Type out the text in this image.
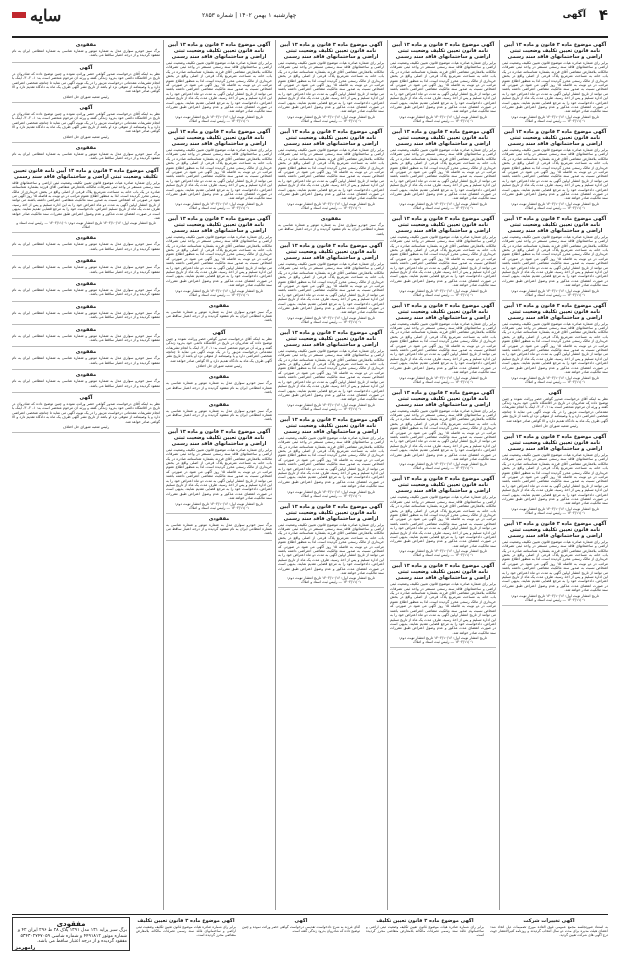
سایه	چهارشنبه ۱ بهمن ۱۴۰۲ | شماره ۲۸۵۳	آگهی ۴
آگهی موضوع ماده ۳ قانون و ماده ۱۳ آیین نامه قانون تعیین تکلیف وضعیت ثبتی اراضی و ساختمانهای فاقد سند رسمی
برابر رای شماره صادره هیات موضوع قانون تعیین تکلیف وضعیت ثبتی اراضی و ساختمانهای فاقد سند رسمی مستقر در واحد ثبتی تصرفات مالکانه بلامعارض متقاضی آقای فرزند بشماره شناسنامه صادره در یک باب خانه به مساحت مترمربع پلاک فرعی از اصلی واقع در بخش خریداری از مالک رسمی محرز گردیده است. لذا به منظور اطلاع عموم مراتب در دو نوبت به فاصله ۱۵ روز آگهی می شود در صورتی که اشخاص نسبت به صدور سند مالکیت متقاضی اعتراضی داشته باشند می توانند از تاریخ انتشار اولین آگهی به مدت دو ماه اعتراض خود را به این اداره تسلیم و پس از اخذ رسید، ظرف مدت یک ماه از تاریخ تسلیم اعتراض، دادخواست خود را به مرجع قضایی تقدیم نمایند. بدیهی است در صورت انقضای مدت مذکور و عدم وصول اعتراض طبق مقررات سند مالکیت صادر خواهد شد.
تاریخ انتشار نوبت اول: ۱۴۰۲/۱۰/۱۶ تاریخ انتشار نوبت دوم: ۱۴۰۲/۱۱/۰۱ — رئیس ثبت اسناد و املاک
آگهی موضوع ماده ۳ قانون و ماده ۱۳ آیین نامه قانون تعیین تکلیف وضعیت ثبتی اراضی و ساختمانهای فاقد سند رسمی
برابر رای شماره صادره هیات موضوع قانون تعیین تکلیف وضعیت ثبتی اراضی و ساختمانهای فاقد سند رسمی مستقر در واحد ثبتی تصرفات مالکانه بلامعارض متقاضی آقای فرزند بشماره شناسنامه صادره در یک باب خانه به مساحت مترمربع پلاک فرعی از اصلی واقع در بخش خریداری از مالک رسمی محرز گردیده است. لذا به منظور اطلاع عموم مراتب در دو نوبت به فاصله ۱۵ روز آگهی می شود در صورتی که اشخاص نسبت به صدور سند مالکیت متقاضی اعتراضی داشته باشند می توانند از تاریخ انتشار اولین آگهی به مدت دو ماه اعتراض خود را به این اداره تسلیم و پس از اخذ رسید، ظرف مدت یک ماه از تاریخ تسلیم اعتراض، دادخواست خود را به مرجع قضایی تقدیم نمایند. بدیهی است در صورت انقضای مدت مذکور و عدم وصول اعتراض طبق مقررات سند مالکیت صادر خواهد شد.
تاریخ انتشار نوبت اول: ۱۴۰۲/۱۰/۱۶ تاریخ انتشار نوبت دوم: ۱۴۰۲/۱۱/۰۱ — رئیس ثبت اسناد و املاک
آگهی موضوع ماده ۳ قانون و ماده ۱۳ آیین نامه قانون تعیین تکلیف وضعیت ثبتی اراضی و ساختمانهای فاقد سند رسمی
برابر رای شماره صادره هیات موضوع قانون تعیین تکلیف وضعیت ثبتی اراضی و ساختمانهای فاقد سند رسمی مستقر در واحد ثبتی تصرفات مالکانه بلامعارض متقاضی آقای فرزند بشماره شناسنامه صادره در یک باب خانه به مساحت مترمربع پلاک فرعی از اصلی واقع در بخش خریداری از مالک رسمی محرز گردیده است. لذا به منظور اطلاع عموم مراتب در دو نوبت به فاصله ۱۵ روز آگهی می شود در صورتی که اشخاص نسبت به صدور سند مالکیت متقاضی اعتراضی داشته باشند می توانند از تاریخ انتشار اولین آگهی به مدت دو ماه اعتراض خود را به این اداره تسلیم و پس از اخذ رسید، ظرف مدت یک ماه از تاریخ تسلیم اعتراض، دادخواست خود را به مرجع قضایی تقدیم نمایند. بدیهی است در صورت انقضای مدت مذکور و عدم وصول اعتراض طبق مقررات سند مالکیت صادر خواهد شد.
تاریخ انتشار نوبت اول: ۱۴۰۲/۱۰/۱۶ تاریخ انتشار نوبت دوم: ۱۴۰۲/۱۱/۰۱ — رئیس ثبت اسناد و املاک
آگهی موضوع ماده ۳ قانون و ماده ۱۳ آیین نامه قانون تعیین تکلیف وضعیت ثبتی اراضی و ساختمانهای فاقد سند رسمی
برابر رای شماره صادره هیات موضوع قانون تعیین تکلیف وضعیت ثبتی اراضی و ساختمانهای فاقد سند رسمی مستقر در واحد ثبتی تصرفات مالکانه بلامعارض متقاضی آقای فرزند بشماره شناسنامه صادره در یک باب خانه به مساحت مترمربع پلاک فرعی از اصلی واقع در بخش خریداری از مالک رسمی محرز گردیده است. لذا به منظور اطلاع عموم مراتب در دو نوبت به فاصله ۱۵ روز آگهی می شود در صورتی که اشخاص نسبت به صدور سند مالکیت متقاضی اعتراضی داشته باشند می توانند از تاریخ انتشار اولین آگهی به مدت دو ماه اعتراض خود را به این اداره تسلیم و پس از اخذ رسید، ظرف مدت یک ماه از تاریخ تسلیم اعتراض، دادخواست خود را به مرجع قضایی تقدیم نمایند. بدیهی است در صورت انقضای مدت مذکور و عدم وصول اعتراض طبق مقررات سند مالکیت صادر خواهد شد.
تاریخ انتشار نوبت اول: ۱۴۰۲/۱۰/۱۶ تاریخ انتشار نوبت دوم: ۱۴۰۲/۱۱/۰۱ — رئیس ثبت اسناد و املاک
آگهی
نظر به اینکه آقای درخواست صدور گواهی حصر وراثت نموده و چنین توضیح داده که شادروان در تاریخ در اقامتگاه دائمی خود بدرود زندگی گفته و ورثه آن مرحوم منحصر است به: ۱- ۲- ۳- اینک با انجام تشریفات مقدماتی درخواست مزبور را در یک نوبت آگهی می نماید تا چنانچه شخصی اعتراضی دارد و یا وصیتنامه از متوفی نزد او باشد از تاریخ نشر آگهی ظرف یک ماه به دادگاه تقدیم دارد و الا گواهی صادر خواهد شد.
رئیس شعبه شورای حل اختلاف
آگهی موضوع ماده ۳ قانون و ماده ۱۳ آیین نامه قانون تعیین تکلیف وضعیت ثبتی اراضی و ساختمانهای فاقد سند رسمی
برابر رای شماره صادره هیات موضوع قانون تعیین تکلیف وضعیت ثبتی اراضی و ساختمانهای فاقد سند رسمی مستقر در واحد ثبتی تصرفات مالکانه بلامعارض متقاضی آقای فرزند بشماره شناسنامه صادره در یک باب خانه به مساحت مترمربع پلاک فرعی از اصلی واقع در بخش خریداری از مالک رسمی محرز گردیده است. لذا به منظور اطلاع عموم مراتب در دو نوبت به فاصله ۱۵ روز آگهی می شود در صورتی که اشخاص نسبت به صدور سند مالکیت متقاضی اعتراضی داشته باشند می توانند از تاریخ انتشار اولین آگهی به مدت دو ماه اعتراض خود را به این اداره تسلیم و پس از اخذ رسید، ظرف مدت یک ماه از تاریخ تسلیم اعتراض، دادخواست خود را به مرجع قضایی تقدیم نمایند. بدیهی است در صورت انقضای مدت مذکور و عدم وصول اعتراض طبق مقررات سند مالکیت صادر خواهد شد.
تاریخ انتشار نوبت اول: ۱۴۰۲/۱۰/۱۶ تاریخ انتشار نوبت دوم: ۱۴۰۲/۱۱/۰۱ — رئیس ثبت اسناد و املاک
آگهی موضوع ماده ۳ قانون و ماده ۱۳ آیین نامه قانون تعیین تکلیف وضعیت ثبتی اراضی و ساختمانهای فاقد سند رسمی
برابر رای شماره صادره هیات موضوع قانون تعیین تکلیف وضعیت ثبتی اراضی و ساختمانهای فاقد سند رسمی مستقر در واحد ثبتی تصرفات مالکانه بلامعارض متقاضی آقای فرزند بشماره شناسنامه صادره در یک باب خانه به مساحت مترمربع پلاک فرعی از اصلی واقع در بخش خریداری از مالک رسمی محرز گردیده است. لذا به منظور اطلاع عموم مراتب در دو نوبت به فاصله ۱۵ روز آگهی می شود در صورتی که اشخاص نسبت به صدور سند مالکیت متقاضی اعتراضی داشته باشند می توانند از تاریخ انتشار اولین آگهی به مدت دو ماه اعتراض خود را به این اداره تسلیم و پس از اخذ رسید، ظرف مدت یک ماه از تاریخ تسلیم اعتراض، دادخواست خود را به مرجع قضایی تقدیم نمایند. بدیهی است در صورت انقضای مدت مذکور و عدم وصول اعتراض طبق مقررات سند مالکیت صادر خواهد شد.
تاریخ انتشار نوبت اول: ۱۴۰۲/۱۰/۱۶ تاریخ انتشار نوبت دوم: ۱۴۰۲/۱۱/۰۱ — رئیس ثبت اسناد و املاک
آگهی موضوع ماده ۳ قانون و ماده ۱۳ آیین نامه قانون تعیین تکلیف وضعیت ثبتی اراضی و ساختمانهای فاقد سند رسمی
برابر رای شماره صادره هیات موضوع قانون تعیین تکلیف وضعیت ثبتی اراضی و ساختمانهای فاقد سند رسمی مستقر در واحد ثبتی تصرفات مالکانه بلامعارض متقاضی آقای فرزند بشماره شناسنامه صادره در یک باب خانه به مساحت مترمربع پلاک فرعی از اصلی واقع در بخش خریداری از مالک رسمی محرز گردیده است. لذا به منظور اطلاع عموم مراتب در دو نوبت به فاصله ۱۵ روز آگهی می شود در صورتی که اشخاص نسبت به صدور سند مالکیت متقاضی اعتراضی داشته باشند می توانند از تاریخ انتشار اولین آگهی به مدت دو ماه اعتراض خود را به این اداره تسلیم و پس از اخذ رسید، ظرف مدت یک ماه از تاریخ تسلیم اعتراض، دادخواست خود را به مرجع قضایی تقدیم نمایند. بدیهی است در صورت انقضای مدت مذکور و عدم وصول اعتراض طبق مقررات سند مالکیت صادر خواهد شد.
تاریخ انتشار نوبت اول: ۱۴۰۲/۱۰/۱۶ تاریخ انتشار نوبت دوم: ۱۴۰۲/۱۱/۰۱ — رئیس ثبت اسناد و املاک
آگهی موضوع ماده ۳ قانون و ماده ۱۳ آیین نامه قانون تعیین تکلیف وضعیت ثبتی اراضی و ساختمانهای فاقد سند رسمی
برابر رای شماره صادره هیات موضوع قانون تعیین تکلیف وضعیت ثبتی اراضی و ساختمانهای فاقد سند رسمی مستقر در واحد ثبتی تصرفات مالکانه بلامعارض متقاضی آقای فرزند بشماره شناسنامه صادره در یک باب خانه به مساحت مترمربع پلاک فرعی از اصلی واقع در بخش خریداری از مالک رسمی محرز گردیده است. لذا به منظور اطلاع عموم مراتب در دو نوبت به فاصله ۱۵ روز آگهی می شود در صورتی که اشخاص نسبت به صدور سند مالکیت متقاضی اعتراضی داشته باشند می توانند از تاریخ انتشار اولین آگهی به مدت دو ماه اعتراض خود را به این اداره تسلیم و پس از اخذ رسید، ظرف مدت یک ماه از تاریخ تسلیم اعتراض، دادخواست خود را به مرجع قضایی تقدیم نمایند. بدیهی است در صورت انقضای مدت مذکور و عدم وصول اعتراض طبق مقررات سند مالکیت صادر خواهد شد.
تاریخ انتشار نوبت اول: ۱۴۰۲/۱۰/۱۶ تاریخ انتشار نوبت دوم: ۱۴۰۲/۱۱/۰۱ — رئیس ثبت اسناد و املاک
آگهی موضوع ماده ۳ قانون و ماده ۱۳ آیین نامه قانون تعیین تکلیف وضعیت ثبتی اراضی و ساختمانهای فاقد سند رسمی
برابر رای شماره صادره هیات موضوع قانون تعیین تکلیف وضعیت ثبتی اراضی و ساختمانهای فاقد سند رسمی مستقر در واحد ثبتی تصرفات مالکانه بلامعارض متقاضی آقای فرزند بشماره شناسنامه صادره در یک باب خانه به مساحت مترمربع پلاک فرعی از اصلی واقع در بخش خریداری از مالک رسمی محرز گردیده است. لذا به منظور اطلاع عموم مراتب در دو نوبت به فاصله ۱۵ روز آگهی می شود در صورتی که اشخاص نسبت به صدور سند مالکیت متقاضی اعتراضی داشته باشند می توانند از تاریخ انتشار اولین آگهی به مدت دو ماه اعتراض خود را به این اداره تسلیم و پس از اخذ رسید، ظرف مدت یک ماه از تاریخ تسلیم اعتراض، دادخواست خود را به مرجع قضایی تقدیم نمایند. بدیهی است در صورت انقضای مدت مذکور و عدم وصول اعتراض طبق مقررات سند مالکیت صادر خواهد شد.
تاریخ انتشار نوبت اول: ۱۴۰۲/۱۰/۱۶ تاریخ انتشار نوبت دوم: ۱۴۰۲/۱۱/۰۱ — رئیس ثبت اسناد و املاک
آگهی موضوع ماده ۳ قانون و ماده ۱۳ آیین نامه قانون تعیین تکلیف وضعیت ثبتی اراضی و ساختمانهای فاقد سند رسمی
برابر رای شماره صادره هیات موضوع قانون تعیین تکلیف وضعیت ثبتی اراضی و ساختمانهای فاقد سند رسمی مستقر در واحد ثبتی تصرفات مالکانه بلامعارض متقاضی آقای فرزند بشماره شناسنامه صادره در یک باب خانه به مساحت مترمربع پلاک فرعی از اصلی واقع در بخش خریداری از مالک رسمی محرز گردیده است. لذا به منظور اطلاع عموم مراتب در دو نوبت به فاصله ۱۵ روز آگهی می شود در صورتی که اشخاص نسبت به صدور سند مالکیت متقاضی اعتراضی داشته باشند می توانند از تاریخ انتشار اولین آگهی به مدت دو ماه اعتراض خود را به این اداره تسلیم و پس از اخذ رسید، ظرف مدت یک ماه از تاریخ تسلیم اعتراض، دادخواست خود را به مرجع قضایی تقدیم نمایند. بدیهی است در صورت انقضای مدت مذکور و عدم وصول اعتراض طبق مقررات سند مالکیت صادر خواهد شد.
تاریخ انتشار نوبت اول: ۱۴۰۲/۱۰/۱۶ تاریخ انتشار نوبت دوم: ۱۴۰۲/۱۱/۰۱ — رئیس ثبت اسناد و املاک
آگهی موضوع ماده ۳ قانون و ماده ۱۳ آیین نامه قانون تعیین تکلیف وضعیت ثبتی اراضی و ساختمانهای فاقد سند رسمی
برابر رای شماره صادره هیات موضوع قانون تعیین تکلیف وضعیت ثبتی اراضی و ساختمانهای فاقد سند رسمی مستقر در واحد ثبتی تصرفات مالکانه بلامعارض متقاضی آقای فرزند بشماره شناسنامه صادره در یک باب خانه به مساحت مترمربع پلاک فرعی از اصلی واقع در بخش خریداری از مالک رسمی محرز گردیده است. لذا به منظور اطلاع عموم مراتب در دو نوبت به فاصله ۱۵ روز آگهی می شود در صورتی که اشخاص نسبت به صدور سند مالکیت متقاضی اعتراضی داشته باشند می توانند از تاریخ انتشار اولین آگهی به مدت دو ماه اعتراض خود را به این اداره تسلیم و پس از اخذ رسید، ظرف مدت یک ماه از تاریخ تسلیم اعتراض، دادخواست خود را به مرجع قضایی تقدیم نمایند. بدیهی است در صورت انقضای مدت مذکور و عدم وصول اعتراض طبق مقررات سند مالکیت صادر خواهد شد.
تاریخ انتشار نوبت اول: ۱۴۰۲/۱۰/۱۶ تاریخ انتشار نوبت دوم: ۱۴۰۲/۱۱/۰۱ — رئیس ثبت اسناد و املاک
آگهی موضوع ماده ۳ قانون و ماده ۱۳ آیین نامه قانون تعیین تکلیف وضعیت ثبتی اراضی و ساختمانهای فاقد سند رسمی
برابر رای شماره صادره هیات موضوع قانون تعیین تکلیف وضعیت ثبتی اراضی و ساختمانهای فاقد سند رسمی مستقر در واحد ثبتی تصرفات مالکانه بلامعارض متقاضی آقای فرزند بشماره شناسنامه صادره در یک باب خانه به مساحت مترمربع پلاک فرعی از اصلی واقع در بخش خریداری از مالک رسمی محرز گردیده است. لذا به منظور اطلاع عموم مراتب در دو نوبت به فاصله ۱۵ روز آگهی می شود در صورتی که اشخاص نسبت به صدور سند مالکیت متقاضی اعتراضی داشته باشند می توانند از تاریخ انتشار اولین آگهی به مدت دو ماه اعتراض خود را به این اداره تسلیم و پس از اخذ رسید، ظرف مدت یک ماه از تاریخ تسلیم اعتراض، دادخواست خود را به مرجع قضایی تقدیم نمایند. بدیهی است در صورت انقضای مدت مذکور و عدم وصول اعتراض طبق مقررات سند مالکیت صادر خواهد شد.
تاریخ انتشار نوبت اول: ۱۴۰۲/۱۰/۱۶ تاریخ انتشار نوبت دوم: ۱۴۰۲/۱۱/۰۱ — رئیس ثبت اسناد و املاک
آگهی موضوع ماده ۳ قانون و ماده ۱۳ آیین نامه قانون تعیین تکلیف وضعیت ثبتی اراضی و ساختمانهای فاقد سند رسمی
برابر رای شماره صادره هیات موضوع قانون تعیین تکلیف وضعیت ثبتی اراضی و ساختمانهای فاقد سند رسمی مستقر در واحد ثبتی تصرفات مالکانه بلامعارض متقاضی آقای فرزند بشماره شناسنامه صادره در یک باب خانه به مساحت مترمربع پلاک فرعی از اصلی واقع در بخش خریداری از مالک رسمی محرز گردیده است. لذا به منظور اطلاع عموم مراتب در دو نوبت به فاصله ۱۵ روز آگهی می شود در صورتی که اشخاص نسبت به صدور سند مالکیت متقاضی اعتراضی داشته باشند می توانند از تاریخ انتشار اولین آگهی به مدت دو ماه اعتراض خود را به این اداره تسلیم و پس از اخذ رسید، ظرف مدت یک ماه از تاریخ تسلیم اعتراض، دادخواست خود را به مرجع قضایی تقدیم نمایند. بدیهی است در صورت انقضای مدت مذکور و عدم وصول اعتراض طبق مقررات سند مالکیت صادر خواهد شد.
تاریخ انتشار نوبت اول: ۱۴۰۲/۱۰/۱۶ تاریخ انتشار نوبت دوم: ۱۴۰۲/۱۱/۰۱ — رئیس ثبت اسناد و املاک
آگهی موضوع ماده ۳ قانون و ماده ۱۳ آیین نامه قانون تعیین تکلیف وضعیت ثبتی اراضی و ساختمانهای فاقد سند رسمی
برابر رای شماره صادره هیات موضوع قانون تعیین تکلیف وضعیت ثبتی اراضی و ساختمانهای فاقد سند رسمی مستقر در واحد ثبتی تصرفات مالکانه بلامعارض متقاضی آقای فرزند بشماره شناسنامه صادره در یک باب خانه به مساحت مترمربع پلاک فرعی از اصلی واقع در بخش خریداری از مالک رسمی محرز گردیده است. لذا به منظور اطلاع عموم مراتب در دو نوبت به فاصله ۱۵ روز آگهی می شود در صورتی که اشخاص نسبت به صدور سند مالکیت متقاضی اعتراضی داشته باشند می توانند از تاریخ انتشار اولین آگهی به مدت دو ماه اعتراض خود را به این اداره تسلیم و پس از اخذ رسید، ظرف مدت یک ماه از تاریخ تسلیم اعتراض، دادخواست خود را به مرجع قضایی تقدیم نمایند. بدیهی است در صورت انقضای مدت مذکور و عدم وصول اعتراض طبق مقررات سند مالکیت صادر خواهد شد.
تاریخ انتشار نوبت اول: ۱۴۰۲/۱۰/۱۶ تاریخ انتشار نوبت دوم: ۱۴۰۲/۱۱/۰۱ — رئیس ثبت اسناد و املاک
آگهی موضوع ماده ۳ قانون و ماده ۱۳ آیین نامه قانون تعیین تکلیف وضعیت ثبتی اراضی و ساختمانهای فاقد سند رسمی
برابر رای شماره صادره هیات موضوع قانون تعیین تکلیف وضعیت ثبتی اراضی و ساختمانهای فاقد سند رسمی مستقر در واحد ثبتی تصرفات مالکانه بلامعارض متقاضی آقای فرزند بشماره شناسنامه صادره در یک باب خانه به مساحت مترمربع پلاک فرعی از اصلی واقع در بخش خریداری از مالک رسمی محرز گردیده است. لذا به منظور اطلاع عموم مراتب در دو نوبت به فاصله ۱۵ روز آگهی می شود در صورتی که اشخاص نسبت به صدور سند مالکیت متقاضی اعتراضی داشته باشند می توانند از تاریخ انتشار اولین آگهی به مدت دو ماه اعتراض خود را به این اداره تسلیم و پس از اخذ رسید، ظرف مدت یک ماه از تاریخ تسلیم اعتراض، دادخواست خود را به مرجع قضایی تقدیم نمایند. بدیهی است در صورت انقضای مدت مذکور و عدم وصول اعتراض طبق مقررات سند مالکیت صادر خواهد شد.
تاریخ انتشار نوبت اول: ۱۴۰۲/۱۰/۱۶ تاریخ انتشار نوبت دوم: ۱۴۰۲/۱۱/۰۱ — رئیس ثبت اسناد و املاک
مفقودی
برگ سبز خودرو سواری مدل به شماره موتور و شماره شاسی به شماره انتظامی ایران به نام مفقود گردیده و از درجه اعتبار ساقط می باشد.
آگهی موضوع ماده ۳ قانون و ماده ۱۳ آیین نامه قانون تعیین تکلیف وضعیت ثبتی اراضی و ساختمانهای فاقد سند رسمی
برابر رای شماره صادره هیات موضوع قانون تعیین تکلیف وضعیت ثبتی اراضی و ساختمانهای فاقد سند رسمی مستقر در واحد ثبتی تصرفات مالکانه بلامعارض متقاضی آقای فرزند بشماره شناسنامه صادره در یک باب خانه به مساحت مترمربع پلاک فرعی از اصلی واقع در بخش خریداری از مالک رسمی محرز گردیده است. لذا به منظور اطلاع عموم مراتب در دو نوبت به فاصله ۱۵ روز آگهی می شود در صورتی که اشخاص نسبت به صدور سند مالکیت متقاضی اعتراضی داشته باشند می توانند از تاریخ انتشار اولین آگهی به مدت دو ماه اعتراض خود را به این اداره تسلیم و پس از اخذ رسید، ظرف مدت یک ماه از تاریخ تسلیم اعتراض، دادخواست خود را به مرجع قضایی تقدیم نمایند. بدیهی است در صورت انقضای مدت مذکور و عدم وصول اعتراض طبق مقررات سند مالکیت صادر خواهد شد.
تاریخ انتشار نوبت اول: ۱۴۰۲/۱۰/۱۶ تاریخ انتشار نوبت دوم: ۱۴۰۲/۱۱/۰۱ — رئیس ثبت اسناد و املاک
آگهی موضوع ماده ۳ قانون و ماده ۱۳ آیین نامه قانون تعیین تکلیف وضعیت ثبتی اراضی و ساختمانهای فاقد سند رسمی
برابر رای شماره صادره هیات موضوع قانون تعیین تکلیف وضعیت ثبتی اراضی و ساختمانهای فاقد سند رسمی مستقر در واحد ثبتی تصرفات مالکانه بلامعارض متقاضی آقای فرزند بشماره شناسنامه صادره در یک باب خانه به مساحت مترمربع پلاک فرعی از اصلی واقع در بخش خریداری از مالک رسمی محرز گردیده است. لذا به منظور اطلاع عموم مراتب در دو نوبت به فاصله ۱۵ روز آگهی می شود در صورتی که اشخاص نسبت به صدور سند مالکیت متقاضی اعتراضی داشته باشند می توانند از تاریخ انتشار اولین آگهی به مدت دو ماه اعتراض خود را به این اداره تسلیم و پس از اخذ رسید، ظرف مدت یک ماه از تاریخ تسلیم اعتراض، دادخواست خود را به مرجع قضایی تقدیم نمایند. بدیهی است در صورت انقضای مدت مذکور و عدم وصول اعتراض طبق مقررات سند مالکیت صادر خواهد شد.
تاریخ انتشار نوبت اول: ۱۴۰۲/۱۰/۱۶ تاریخ انتشار نوبت دوم: ۱۴۰۲/۱۱/۰۱ — رئیس ثبت اسناد و املاک
آگهی موضوع ماده ۳ قانون و ماده ۱۳ آیین نامه قانون تعیین تکلیف وضعیت ثبتی اراضی و ساختمانهای فاقد سند رسمی
برابر رای شماره صادره هیات موضوع قانون تعیین تکلیف وضعیت ثبتی اراضی و ساختمانهای فاقد سند رسمی مستقر در واحد ثبتی تصرفات مالکانه بلامعارض متقاضی آقای فرزند بشماره شناسنامه صادره در یک باب خانه به مساحت مترمربع پلاک فرعی از اصلی واقع در بخش خریداری از مالک رسمی محرز گردیده است. لذا به منظور اطلاع عموم مراتب در دو نوبت به فاصله ۱۵ روز آگهی می شود در صورتی که اشخاص نسبت به صدور سند مالکیت متقاضی اعتراضی داشته باشند می توانند از تاریخ انتشار اولین آگهی به مدت دو ماه اعتراض خود را به این اداره تسلیم و پس از اخذ رسید، ظرف مدت یک ماه از تاریخ تسلیم اعتراض، دادخواست خود را به مرجع قضایی تقدیم نمایند. بدیهی است در صورت انقضای مدت مذکور و عدم وصول اعتراض طبق مقررات سند مالکیت صادر خواهد شد.
تاریخ انتشار نوبت اول: ۱۴۰۲/۱۰/۱۶ تاریخ انتشار نوبت دوم: ۱۴۰۲/۱۱/۰۱ — رئیس ثبت اسناد و املاک
آگهی موضوع ماده ۳ قانون و ماده ۱۳ آیین نامه قانون تعیین تکلیف وضعیت ثبتی اراضی و ساختمانهای فاقد سند رسمی
برابر رای شماره صادره هیات موضوع قانون تعیین تکلیف وضعیت ثبتی اراضی و ساختمانهای فاقد سند رسمی مستقر در واحد ثبتی تصرفات مالکانه بلامعارض متقاضی آقای فرزند بشماره شناسنامه صادره در یک باب خانه به مساحت مترمربع پلاک فرعی از اصلی واقع در بخش خریداری از مالک رسمی محرز گردیده است. لذا به منظور اطلاع عموم مراتب در دو نوبت به فاصله ۱۵ روز آگهی می شود در صورتی که اشخاص نسبت به صدور سند مالکیت متقاضی اعتراضی داشته باشند می توانند از تاریخ انتشار اولین آگهی به مدت دو ماه اعتراض خود را به این اداره تسلیم و پس از اخذ رسید، ظرف مدت یک ماه از تاریخ تسلیم اعتراض، دادخواست خود را به مرجع قضایی تقدیم نمایند. بدیهی است در صورت انقضای مدت مذکور و عدم وصول اعتراض طبق مقررات سند مالکیت صادر خواهد شد.
تاریخ انتشار نوبت اول: ۱۴۰۲/۱۰/۱۶ تاریخ انتشار نوبت دوم: ۱۴۰۲/۱۱/۰۱ — رئیس ثبت اسناد و املاک
آگهی موضوع ماده ۳ قانون و ماده ۱۳ آیین نامه قانون تعیین تکلیف وضعیت ثبتی اراضی و ساختمانهای فاقد سند رسمی
برابر رای شماره صادره هیات موضوع قانون تعیین تکلیف وضعیت ثبتی اراضی و ساختمانهای فاقد سند رسمی مستقر در واحد ثبتی تصرفات مالکانه بلامعارض متقاضی آقای فرزند بشماره شناسنامه صادره در یک باب خانه به مساحت مترمربع پلاک فرعی از اصلی واقع در بخش خریداری از مالک رسمی محرز گردیده است. لذا به منظور اطلاع عموم مراتب در دو نوبت به فاصله ۱۵ روز آگهی می شود در صورتی که اشخاص نسبت به صدور سند مالکیت متقاضی اعتراضی داشته باشند می توانند از تاریخ انتشار اولین آگهی به مدت دو ماه اعتراض خود را به این اداره تسلیم و پس از اخذ رسید، ظرف مدت یک ماه از تاریخ تسلیم اعتراض، دادخواست خود را به مرجع قضایی تقدیم نمایند. بدیهی است در صورت انقضای مدت مذکور و عدم وصول اعتراض طبق مقررات سند مالکیت صادر خواهد شد.
تاریخ انتشار نوبت اول: ۱۴۰۲/۱۰/۱۶ تاریخ انتشار نوبت دوم: ۱۴۰۲/۱۱/۰۱ — رئیس ثبت اسناد و املاک
آگهی موضوع ماده ۳ قانون و ماده ۱۳ آیین نامه قانون تعیین تکلیف وضعیت ثبتی اراضی و ساختمانهای فاقد سند رسمی
برابر رای شماره صادره هیات موضوع قانون تعیین تکلیف وضعیت ثبتی اراضی و ساختمانهای فاقد سند رسمی مستقر در واحد ثبتی تصرفات مالکانه بلامعارض متقاضی آقای فرزند بشماره شناسنامه صادره در یک باب خانه به مساحت مترمربع پلاک فرعی از اصلی واقع در بخش خریداری از مالک رسمی محرز گردیده است. لذا به منظور اطلاع عموم مراتب در دو نوبت به فاصله ۱۵ روز آگهی می شود در صورتی که اشخاص نسبت به صدور سند مالکیت متقاضی اعتراضی داشته باشند می توانند از تاریخ انتشار اولین آگهی به مدت دو ماه اعتراض خود را به این اداره تسلیم و پس از اخذ رسید، ظرف مدت یک ماه از تاریخ تسلیم اعتراض، دادخواست خود را به مرجع قضایی تقدیم نمایند. بدیهی است در صورت انقضای مدت مذکور و عدم وصول اعتراض طبق مقررات سند مالکیت صادر خواهد شد.
تاریخ انتشار نوبت اول: ۱۴۰۲/۱۰/۱۶ تاریخ انتشار نوبت دوم: ۱۴۰۲/۱۱/۰۱ — رئیس ثبت اسناد و املاک
آگهی موضوع ماده ۳ قانون و ماده ۱۳ آیین نامه قانون تعیین تکلیف وضعیت ثبتی اراضی و ساختمانهای فاقد سند رسمی
برابر رای شماره صادره هیات موضوع قانون تعیین تکلیف وضعیت ثبتی اراضی و ساختمانهای فاقد سند رسمی مستقر در واحد ثبتی تصرفات مالکانه بلامعارض متقاضی آقای فرزند بشماره شناسنامه صادره در یک باب خانه به مساحت مترمربع پلاک فرعی از اصلی واقع در بخش خریداری از مالک رسمی محرز گردیده است. لذا به منظور اطلاع عموم مراتب در دو نوبت به فاصله ۱۵ روز آگهی می شود در صورتی که اشخاص نسبت به صدور سند مالکیت متقاضی اعتراضی داشته باشند می توانند از تاریخ انتشار اولین آگهی به مدت دو ماه اعتراض خود را به این اداره تسلیم و پس از اخذ رسید، ظرف مدت یک ماه از تاریخ تسلیم اعتراض، دادخواست خود را به مرجع قضایی تقدیم نمایند. بدیهی است در صورت انقضای مدت مذکور و عدم وصول اعتراض طبق مقررات سند مالکیت صادر خواهد شد.
تاریخ انتشار نوبت اول: ۱۴۰۲/۱۰/۱۶ تاریخ انتشار نوبت دوم: ۱۴۰۲/۱۱/۰۱ — رئیس ثبت اسناد و املاک
مفقودی
برگ سبز خودرو سواری مدل به شماره موتور و شماره شاسی به شماره انتظامی ایران به نام مفقود گردیده و از درجه اعتبار ساقط می باشد.
آگهی
نظر به اینکه آقای درخواست صدور گواهی حصر وراثت نموده و چنین توضیح داده که شادروان در تاریخ در اقامتگاه دائمی خود بدرود زندگی گفته و ورثه آن مرحوم منحصر است به: ۱- ۲- ۳- اینک با انجام تشریفات مقدماتی درخواست مزبور را در یک نوبت آگهی می نماید تا چنانچه شخصی اعتراضی دارد و یا وصیتنامه از متوفی نزد او باشد از تاریخ نشر آگهی ظرف یک ماه به دادگاه تقدیم دارد و الا گواهی صادر خواهد شد.
رئیس شعبه شورای حل اختلاف
مفقودی
برگ سبز خودرو سواری مدل به شماره موتور و شماره شاسی به شماره انتظامی ایران به نام مفقود گردیده و از درجه اعتبار ساقط می باشد.
مفقودی
برگ سبز خودرو سواری مدل به شماره موتور و شماره شاسی به شماره انتظامی ایران به نام مفقود گردیده و از درجه اعتبار ساقط می باشد.
آگهی موضوع ماده ۳ قانون و ماده ۱۳ آیین نامه قانون تعیین تکلیف وضعیت ثبتی اراضی و ساختمانهای فاقد سند رسمی
برابر رای شماره صادره هیات موضوع قانون تعیین تکلیف وضعیت ثبتی اراضی و ساختمانهای فاقد سند رسمی مستقر در واحد ثبتی تصرفات مالکانه بلامعارض متقاضی آقای فرزند بشماره شناسنامه صادره در یک باب خانه به مساحت مترمربع پلاک فرعی از اصلی واقع در بخش خریداری از مالک رسمی محرز گردیده است. لذا به منظور اطلاع عموم مراتب در دو نوبت به فاصله ۱۵ روز آگهی می شود در صورتی که اشخاص نسبت به صدور سند مالکیت متقاضی اعتراضی داشته باشند می توانند از تاریخ انتشار اولین آگهی به مدت دو ماه اعتراض خود را به این اداره تسلیم و پس از اخذ رسید، ظرف مدت یک ماه از تاریخ تسلیم اعتراض، دادخواست خود را به مرجع قضایی تقدیم نمایند. بدیهی است در صورت انقضای مدت مذکور و عدم وصول اعتراض طبق مقررات سند مالکیت صادر خواهد شد.
تاریخ انتشار نوبت اول: ۱۴۰۲/۱۰/۱۶ تاریخ انتشار نوبت دوم: ۱۴۰۲/۱۱/۰۱ — رئیس ثبت اسناد و املاک
مفقودی
برگ سبز خودرو سواری مدل به شماره موتور و شماره شاسی به شماره انتظامی ایران به نام مفقود گردیده و از درجه اعتبار ساقط می باشد.
مفقودی
برگ سبز خودرو سواری مدل به شماره موتور و شماره شاسی به شماره انتظامی ایران به نام مفقود گردیده و از درجه اعتبار ساقط می باشد.
آگهی
نظر به اینکه آقای درخواست صدور گواهی حصر وراثت نموده و چنین توضیح داده که شادروان در تاریخ در اقامتگاه دائمی خود بدرود زندگی گفته و ورثه آن مرحوم منحصر است به: ۱- ۲- ۳- اینک با انجام تشریفات مقدماتی درخواست مزبور را در یک نوبت آگهی می نماید تا چنانچه شخصی اعتراضی دارد و یا وصیتنامه از متوفی نزد او باشد از تاریخ نشر آگهی ظرف یک ماه به دادگاه تقدیم دارد و الا گواهی صادر خواهد شد.
رئیس شعبه شورای حل اختلاف
آگهی
نظر به اینکه آقای درخواست صدور گواهی حصر وراثت نموده و چنین توضیح داده که شادروان در تاریخ در اقامتگاه دائمی خود بدرود زندگی گفته و ورثه آن مرحوم منحصر است به: ۱- ۲- ۳- اینک با انجام تشریفات مقدماتی درخواست مزبور را در یک نوبت آگهی می نماید تا چنانچه شخصی اعتراضی دارد و یا وصیتنامه از متوفی نزد او باشد از تاریخ نشر آگهی ظرف یک ماه به دادگاه تقدیم دارد و الا گواهی صادر خواهد شد.
رئیس شعبه شورای حل اختلاف
مفقودی
برگ سبز خودرو سواری مدل به شماره موتور و شماره شاسی به شماره انتظامی ایران به نام مفقود گردیده و از درجه اعتبار ساقط می باشد.
آگهی موضوع ماده ۳ قانون و ماده ۱۳ آیین نامه قانون تعیین تکلیف وضعیت ثبتی اراضی و ساختمانهای فاقد سند رسمی
برابر رای شماره صادره هیات موضوع قانون تعیین تکلیف وضعیت ثبتی اراضی و ساختمانهای فاقد سند رسمی مستقر در واحد ثبتی تصرفات مالکانه بلامعارض متقاضی آقای فرزند بشماره شناسنامه صادره در یک باب خانه به مساحت مترمربع پلاک فرعی از اصلی واقع در بخش خریداری از مالک رسمی محرز گردیده است. لذا به منظور اطلاع عموم مراتب در دو نوبت به فاصله ۱۵ روز آگهی می شود در صورتی که اشخاص نسبت به صدور سند مالکیت متقاضی اعتراضی داشته باشند می توانند از تاریخ انتشار اولین آگهی به مدت دو ماه اعتراض خود را به این اداره تسلیم و پس از اخذ رسید، ظرف مدت یک ماه از تاریخ تسلیم اعتراض، دادخواست خود را به مرجع قضایی تقدیم نمایند. بدیهی است در صورت انقضای مدت مذکور و عدم وصول اعتراض طبق مقررات سند مالکیت صادر خواهد شد.
تاریخ انتشار نوبت اول: ۱۴۰۲/۱۰/۱۶ تاریخ انتشار نوبت دوم: ۱۴۰۲/۱۱/۰۱ — رئیس ثبت اسناد و املاک
مفقودی
برگ سبز خودرو سواری مدل به شماره موتور و شماره شاسی به شماره انتظامی ایران به نام مفقود گردیده و از درجه اعتبار ساقط می باشد.
مفقودی
برگ سبز خودرو سواری مدل به شماره موتور و شماره شاسی به شماره انتظامی ایران به نام مفقود گردیده و از درجه اعتبار ساقط می باشد.
مفقودی
برگ سبز خودرو سواری مدل به شماره موتور و شماره شاسی به شماره انتظامی ایران به نام مفقود گردیده و از درجه اعتبار ساقط می باشد.
مفقودی
برگ سبز خودرو سواری مدل به شماره موتور و شماره شاسی به شماره انتظامی ایران به نام مفقود گردیده و از درجه اعتبار ساقط می باشد.
مفقودی
برگ سبز خودرو سواری مدل به شماره موتور و شماره شاسی به شماره انتظامی ایران به نام مفقود گردیده و از درجه اعتبار ساقط می باشد.
مفقودی
برگ سبز خودرو سواری مدل به شماره موتور و شماره شاسی به شماره انتظامی ایران به نام مفقود گردیده و از درجه اعتبار ساقط می باشد.
مفقودی
برگ سبز خودرو سواری مدل به شماره موتور و شماره شاسی به شماره انتظامی ایران به نام مفقود گردیده و از درجه اعتبار ساقط می باشد.
آگهی
نظر به اینکه آقای درخواست صدور گواهی حصر وراثت نموده و چنین توضیح داده که شادروان در تاریخ در اقامتگاه دائمی خود بدرود زندگی گفته و ورثه آن مرحوم منحصر است به: ۱- ۲- ۳- اینک با انجام تشریفات مقدماتی درخواست مزبور را در یک نوبت آگهی می نماید تا چنانچه شخصی اعتراضی دارد و یا وصیتنامه از متوفی نزد او باشد از تاریخ نشر آگهی ظرف یک ماه به دادگاه تقدیم دارد و الا گواهی صادر خواهد شد.
رئیس شعبه شورای حل اختلاف
آگهی تغییرات شرکت
به استناد صورتجلسه مجمع عمومی فوق العاده مورخ تصمیمات ذیل اتخاذ شد: اعضای هیئت مدیره برای مدت دو سال انتخاب گردیدند و روزنامه کثیرالانتشار جهت درج آگهی های شرکت تعیین گردید.
آگهی موضوع ماده ۳ قانون تعیین تکلیف
برابر رای شماره صادره هیات موضوع قانون تعیین تکلیف وضعیت ثبتی اراضی و ساختمانهای فاقد سند رسمی تصرفات مالکانه بلامعارض متقاضی محرز گردیده است.
آگهی
آقای فرزند به شرح دادخواست تقدیمی درخواست گواهی حصر وراثت نموده و چنین توضیح داده که شادروان بدرود زندگی گفته است.
آگهی موضوع ماده ۳ قانون تعیین تکلیف
برابر رای شماره صادره هیات موضوع قانون تعیین تکلیف وضعیت ثبتی اراضی و ساختمانهای فاقد سند رسمی تصرفات مالکانه بلامعارض متقاضی محرز گردیده است.
مفقودی
برگ سبز پراید ۱۳۱ مدل ۱۳۹۱ پلاک ۲۸ ط ۲۹۶ ایران ۴۲ و شماره موتور ۴۴۹۱۸۱۲ و شماره شاسی ۵۳۴۳۰۲۷۴۷۰۵۹ مفقود گردیده و از درجه اعتبار ساقط می باشد.
رامهرمز
